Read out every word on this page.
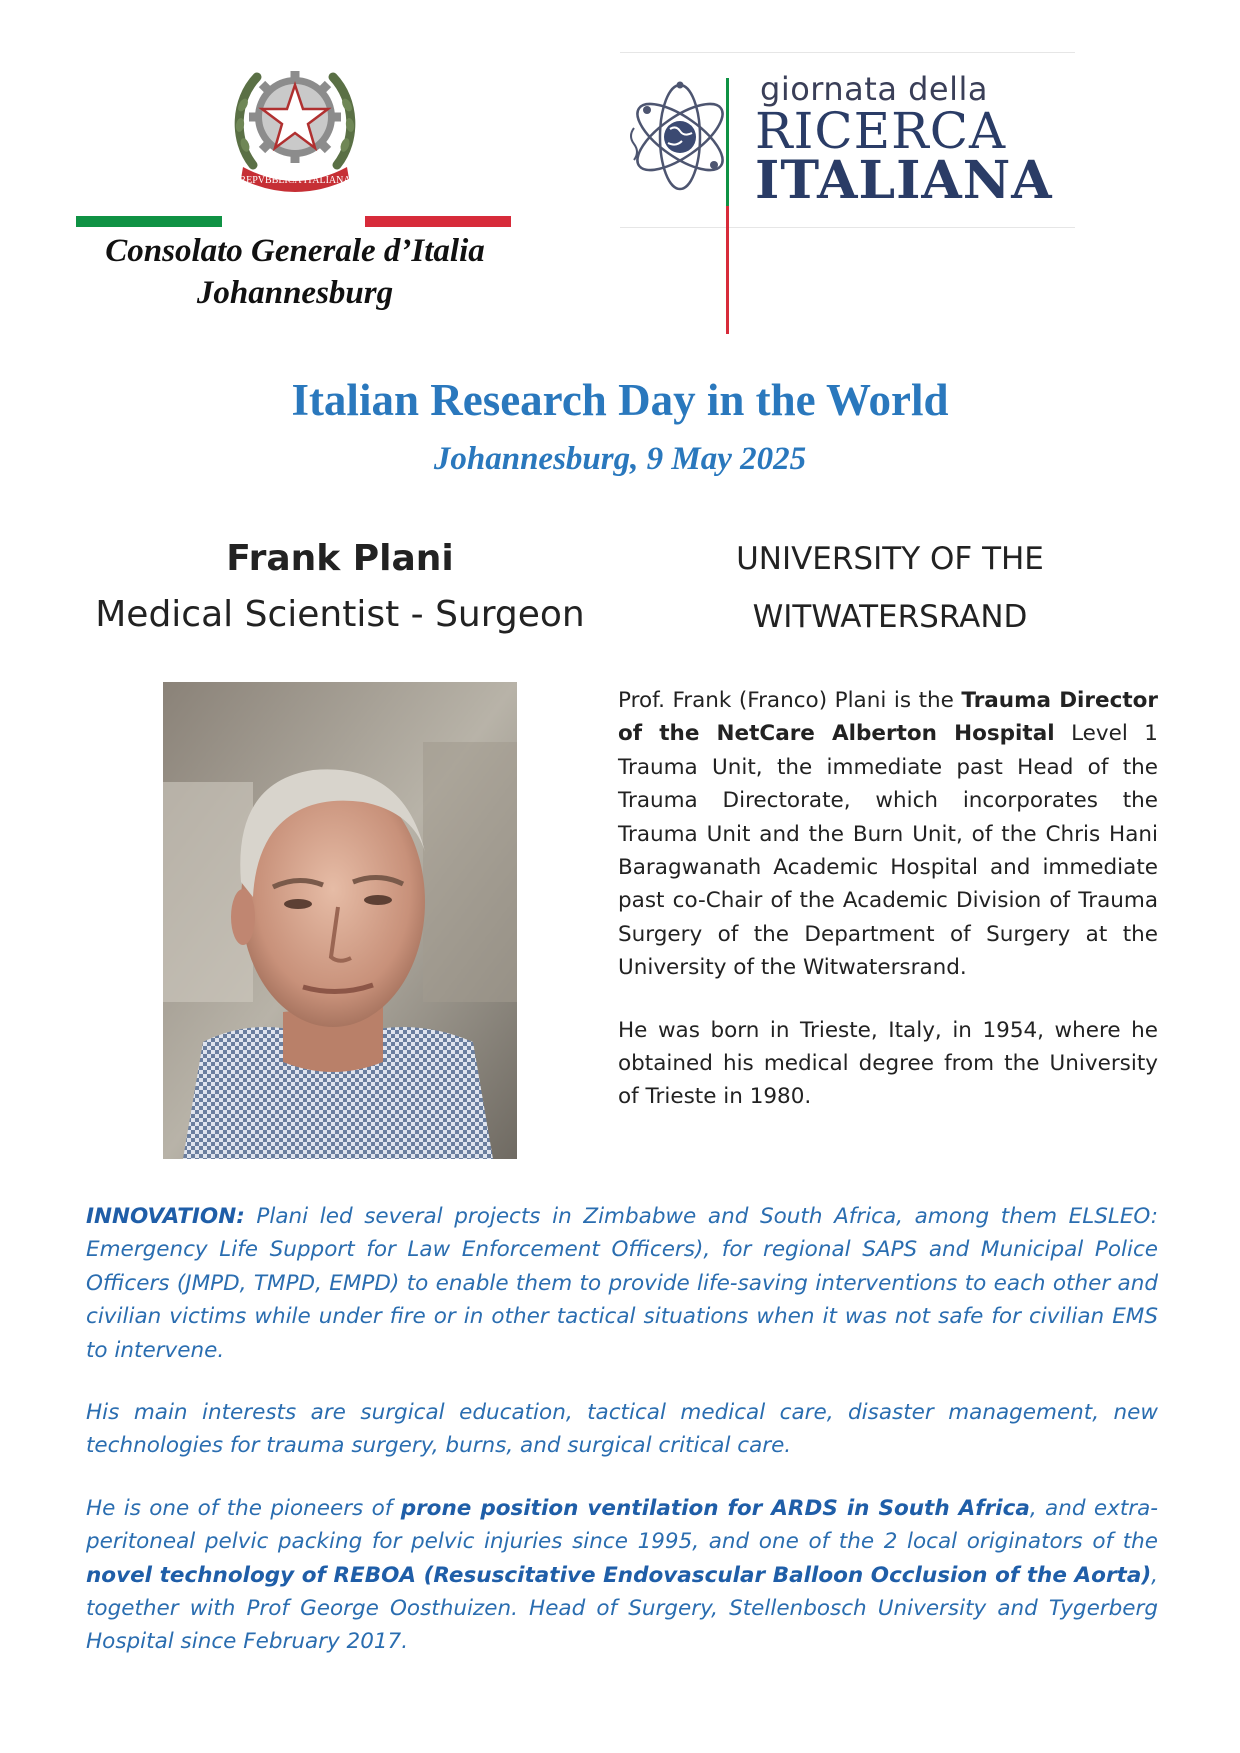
REPVBBLICA ITALIANA
Consolato Generale d’Italia
Johannesburg
giornata della
RICERCA
ITALIANA
Italian Research Day in the World
Johannesburg, 9 May 2025
Frank Plani
Medical Scientist - Surgeon
UNIVERSITY OF THE
WITWATERSRAND

Prof. Frank (Franco) Plani is the Trauma Director of the NetCare Alberton Hospital Level 1 Trauma Unit, the immediate past Head of the Trauma Directorate, which incorporates the Trauma Unit and the Burn Unit, of the Chris Hani Baragwanath Academic Hospital and immediate past co-Chair of the Academic Division of Trauma Surgery of the Department of Surgery at the University of the Witwatersrand.

He was born in Trieste, Italy, in 1954, where he obtained his medical degree from the University of Trieste in 1980.

INNOVATION: Plani led several projects in Zimbabwe and South Africa, among them ELSLEO: Emergency Life Support for Law Enforcement Officers), for regional SAPS and Municipal Police Officers (JMPD, TMPD, EMPD) to enable them to provide life-saving interventions to each other and civilian victims while under fire or in other tactical situations when it was not safe for civilian EMS to intervene.

His main interests are surgical education, tactical medical care, disaster management, new technologies for trauma surgery, burns, and surgical critical care.

He is one of the pioneers of prone position ventilation for ARDS in South Africa, and extra-peritoneal pelvic packing for pelvic injuries since 1995, and one of the 2 local originators of the novel technology of REBOA (Resuscitative Endovascular Balloon Occlusion of the Aorta), together with Prof George Oosthuizen. Head of Surgery, Stellenbosch University and Tygerberg Hospital since February 2017.
